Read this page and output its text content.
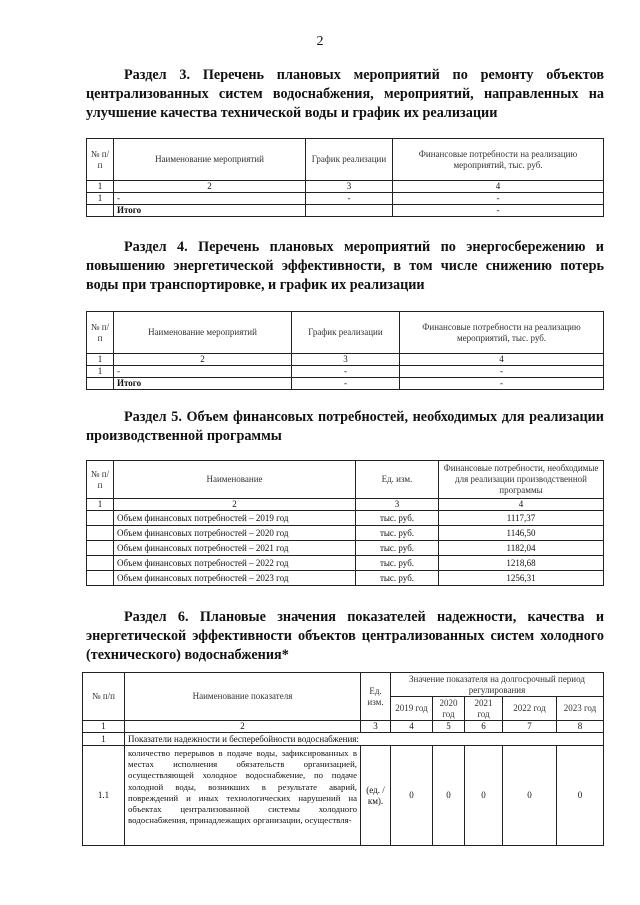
2
Раздел 3. Перечень плановых мероприятий по ремонту объектов централизованных систем водоснабжения, мероприятий, направленных на улучшение качества технической воды и график их реализации
№ п/п	Наименование мероприятий	График реализации	Финансовые потребности на реализацию мероприятий, тыс. руб.
1	2	3	4
1	-	-	-
	Итого		-
Раздел 4. Перечень плановых мероприятий по энергосбережению и повышению энергетической эффективности, в том числе снижению потерь воды при транспортировке, и график их реализации
№ п/п	Наименование мероприятий	График реализации	Финансовые потребности на реализацию мероприятий, тыс. руб.
1	2	3	4
1	-	-	-
	Итого	-	-
Раздел 5. Объем финансовых потребностей, необходимых для реализации производственной программы
№ п/п	Наименование	Ед. изм.	Финансовые потребности, необходимые для реализации производственной программы
1	2	3	4
	Объем финансовых потребностей – 2019 год	тыс. руб.	1117,37
	Объем финансовых потребностей – 2020 год	тыс. руб.	1146,50
	Объем финансовых потребностей – 2021 год	тыс. руб.	1182,04
	Объем финансовых потребностей – 2022 год	тыс. руб.	1218,68
	Объем финансовых потребностей – 2023 год	тыс. руб.	1256,31
Раздел 6. Плановые значения показателей надежности, качества и энергетической эффективности объектов централизованных систем холодного (технического) водоснабжения*
№ п/п	Наименование показателя	Ед. изм.	Значение показателя на долгосрочный период регулирования				
			2019 год	2020 год	2021 год	2022 год	2023 год
1	2	3	4	5	6	7	8
1	Показатели надежности и бесперебойности водоснабжения:						
1.1	количество перерывов в подаче воды, зафиксированных в местах исполнения обязательств организацией, осуществляющей холодное водоснабжение, по подаче холодной воды, возникших в результате аварий, повреждений и иных технологических нарушений на объектах централизованной системы холодного водоснабжения, принадлежащих организации, осуществля-	(ед. / км).	0	0	0	0	0
